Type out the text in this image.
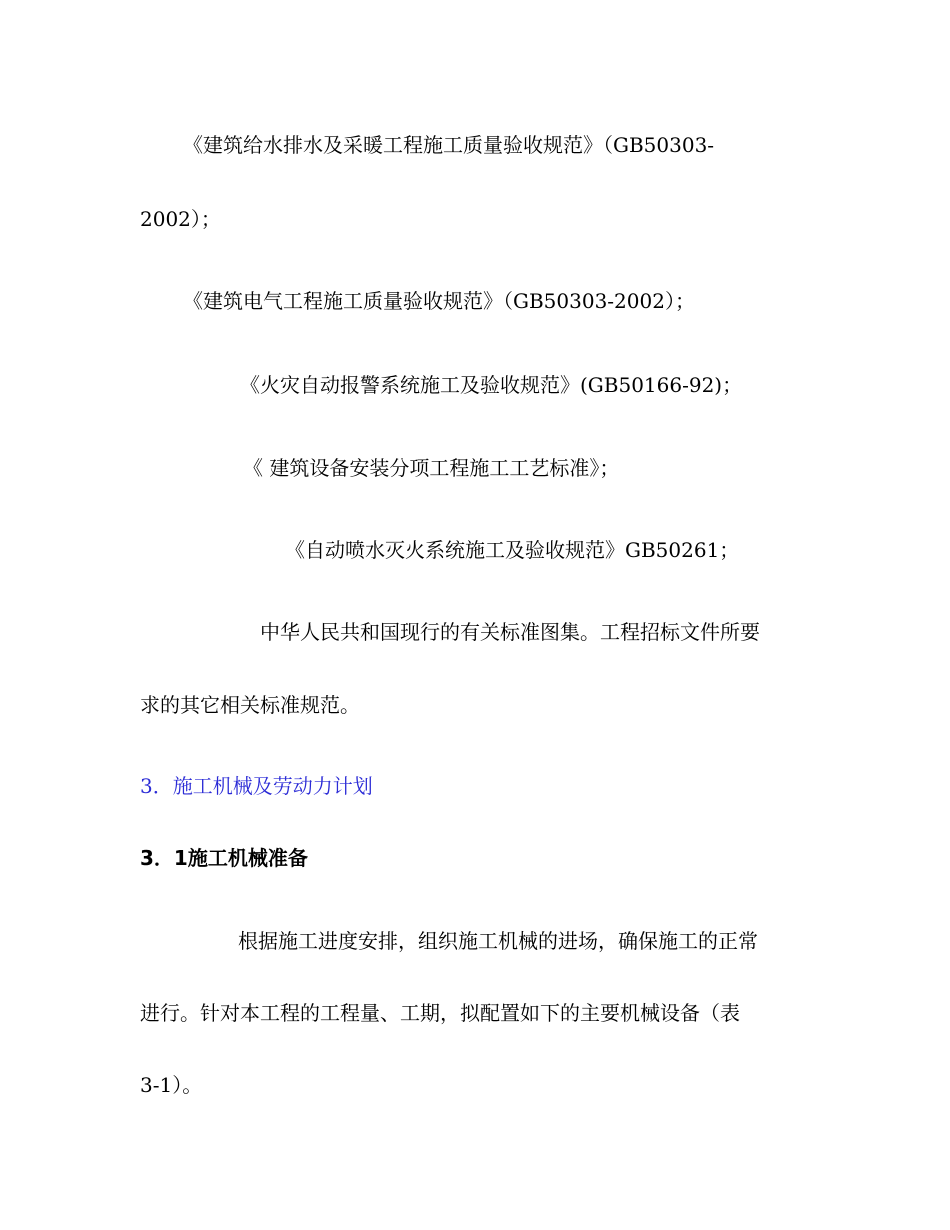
《建筑给水排水及采暖工程施工质量验收规范》（GB50303-
2002）；
《建筑电气工程施工质量验收规范》（GB50303-2002）；
《火灾自动报警系统施工及验收规范》(GB50166-92)；
《 建筑设备安装分项工程施工工艺标准》；
《自动喷水灭火系统施工及验收规范》GB50261；
中华人民共和国现行的有关标准图集。工程招标文件所要
求的其它相关标准规范。
3．施工机械及劳动力计划
3．1施工机械准备
根据施工进度安排，组织施工机械的进场，确保施工的正常
进行。针对本工程的工程量、工期，拟配置如下的主要机械设备（表
3-1）。
